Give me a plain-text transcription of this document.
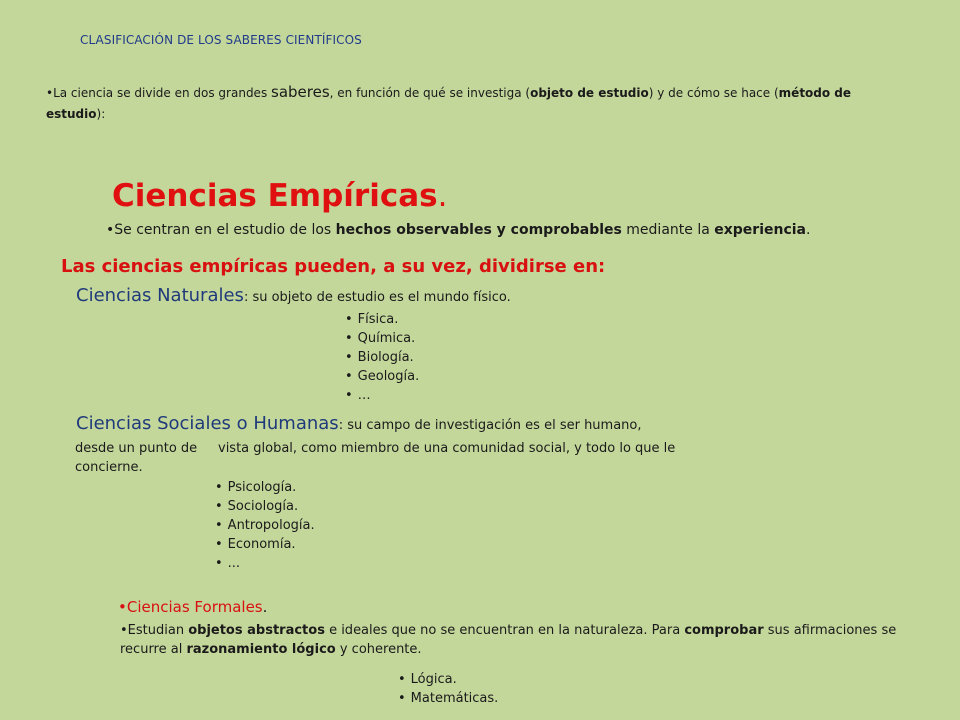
CLASIFICACIÓN DE LOS SABERES CIENTÍFICOS
•La ciencia se divide en dos grandes saberes, en función de qué se investiga (objeto de estudio) y de cómo se hace (método de estudio):
Ciencias Empíricas.
•Se centran en el estudio de los hechos observables y comprobables mediante la experiencia.
Las ciencias empíricas pueden, a su vez, dividirse en:
Ciencias Naturales: su objeto de estudio es el mundo físico.
• Física.
• Química.
• Biología.
• Geología.
• …
Ciencias Sociales o Humanas: su campo de investigación es el ser humano,
desde un punto de vista global, como miembro de una comunidad social, y todo lo que le
concierne.
• Psicología.
• Sociología.
• Antropología.
• Economía.
• ...
•Ciencias Formales.
•Estudian objetos abstractos e ideales que no se encuentran en la naturaleza. Para comprobar sus afirmaciones se recurre al razonamiento lógico y coherente.
• Lógica.
• Matemáticas.
